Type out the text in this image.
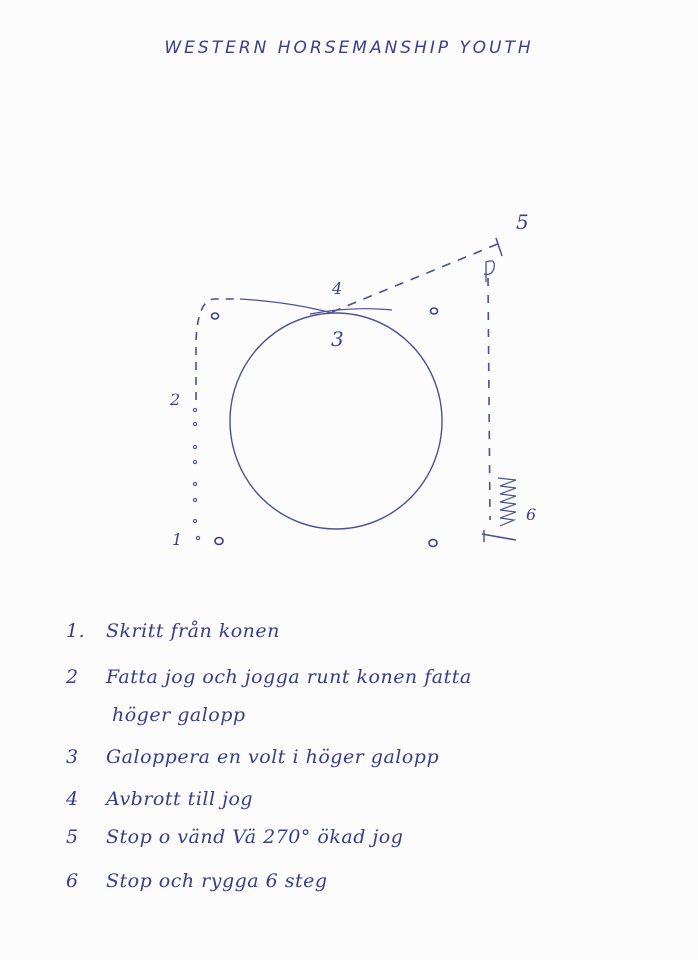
WESTERN HORSEMANSHIP YOUTH
1
2
3
4
5
6
1. Skritt från konen
2 Fatta jog och jogga runt konen fatta
höger galopp
3 Galoppera en volt i höger galopp
4 Avbrott till jog
5 Stop o vänd Vä 270° ökad jog
6 Stop och rygga 6 steg
